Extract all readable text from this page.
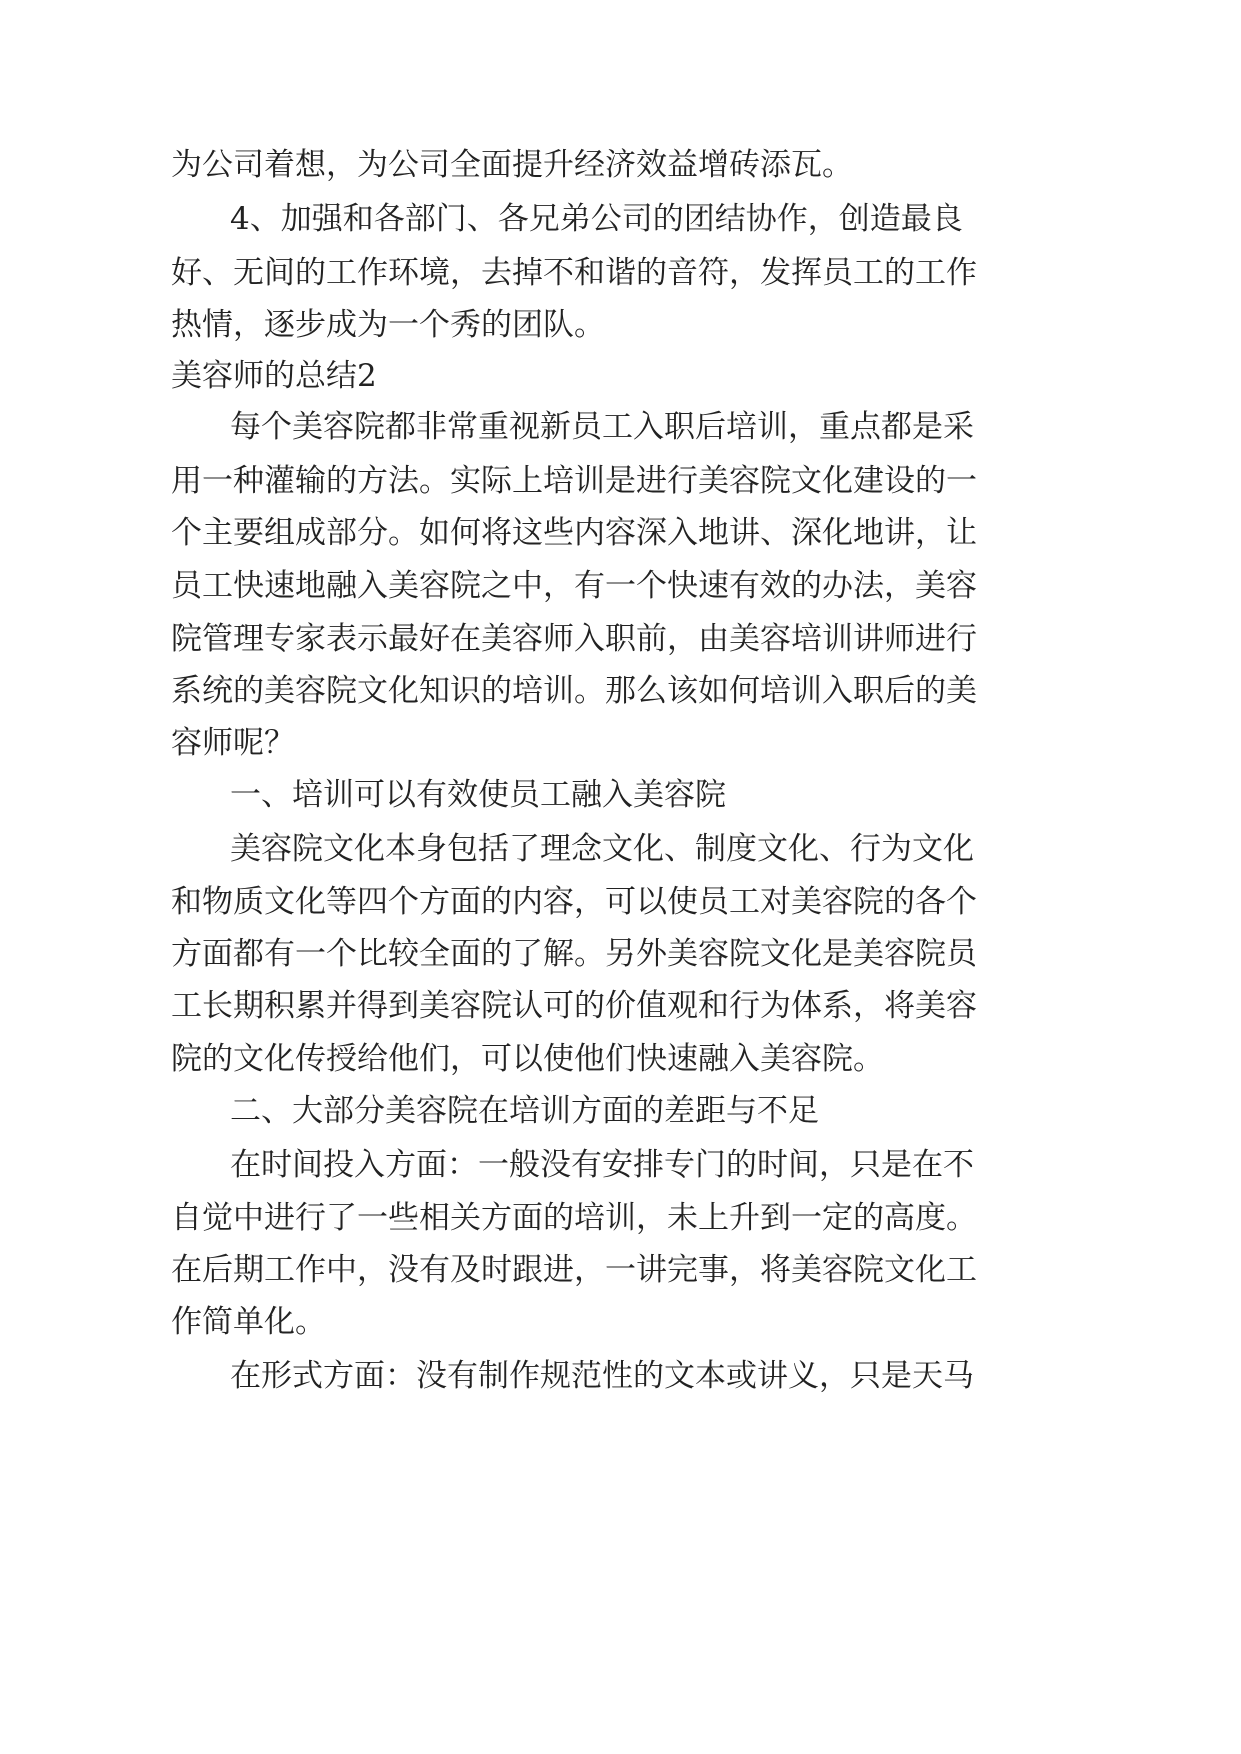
为公司着想，为公司全面提升经济效益增砖添瓦。
4、加强和各部门、各兄弟公司的团结协作，创造最良
好、无间的工作环境，去掉不和谐的音符，发挥员工的工作
热情，逐步成为一个秀的团队。
美容师的总结2
每个美容院都非常重视新员工入职后培训，重点都是采
用一种灌输的方法。实际上培训是进行美容院文化建设的一
个主要组成部分。如何将这些内容深入地讲、深化地讲，让
员工快速地融入美容院之中，有一个快速有效的办法，美容
院管理专家表示最好在美容师入职前，由美容培训讲师进行
系统的美容院文化知识的培训。那么该如何培训入职后的美
容师呢？
一、培训可以有效使员工融入美容院
美容院文化本身包括了理念文化、制度文化、行为文化
和物质文化等四个方面的内容，可以使员工对美容院的各个
方面都有一个比较全面的了解。另外美容院文化是美容院员
工长期积累并得到美容院认可的价值观和行为体系，将美容
院的文化传授给他们，可以使他们快速融入美容院。
二、大部分美容院在培训方面的差距与不足
在时间投入方面：一般没有安排专门的时间，只是在不
自觉中进行了一些相关方面的培训，未上升到一定的高度。
在后期工作中，没有及时跟进，一讲完事，将美容院文化工
作简单化。
在形式方面：没有制作规范性的文本或讲义，只是天马
